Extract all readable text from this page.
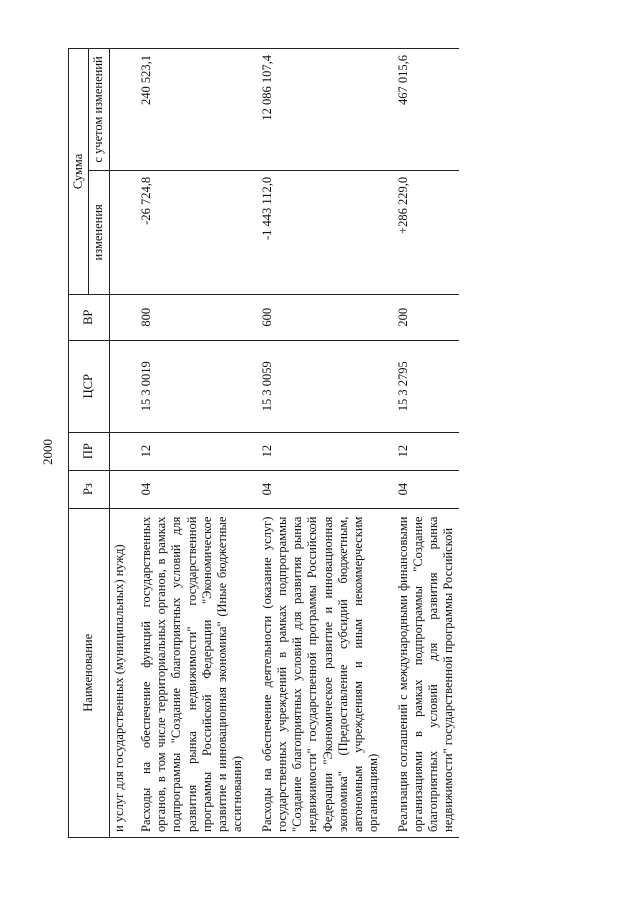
2000
Наименование	Рз	ПР	ЦСР	ВР	Сумма	
					изменения	с учетом изменений
и услуг для государственных (муниципальных) нужд)						
Расходы на обеспечение функций государственных органов, в том числе территориальных органов, в рамках подпрограммы "Создание благоприятных условий для развития рынка недвижимости" государственной программы Российской Федерации "Экономическое развитие и инновационная экономика" (Иные бюджетные ассигнования)	04	12	15 3 0019	800	-26 724,8	240 523,1
Расходы на обеспечение деятельности (оказание услуг) государственных учреждений в рамках подпрограммы "Создание благоприятных условий для развития рынка недвижимости" государственной программы Российской Федерации "Экономическое развитие и инновационная экономика" (Предоставление субсидий бюджетным, автономным учреждениям и иным некоммерческим организациям)	04	12	15 3 0059	600	-1 443 112,0	12 086 107,4
Реализация соглашений с международными финансовыми организациями в рамках подпрограммы "Создание благоприятных условий для развития рынка недвижимости" государственной программы Российской	04	12	15 3 2795	200	+286 229,0	467 015,6
